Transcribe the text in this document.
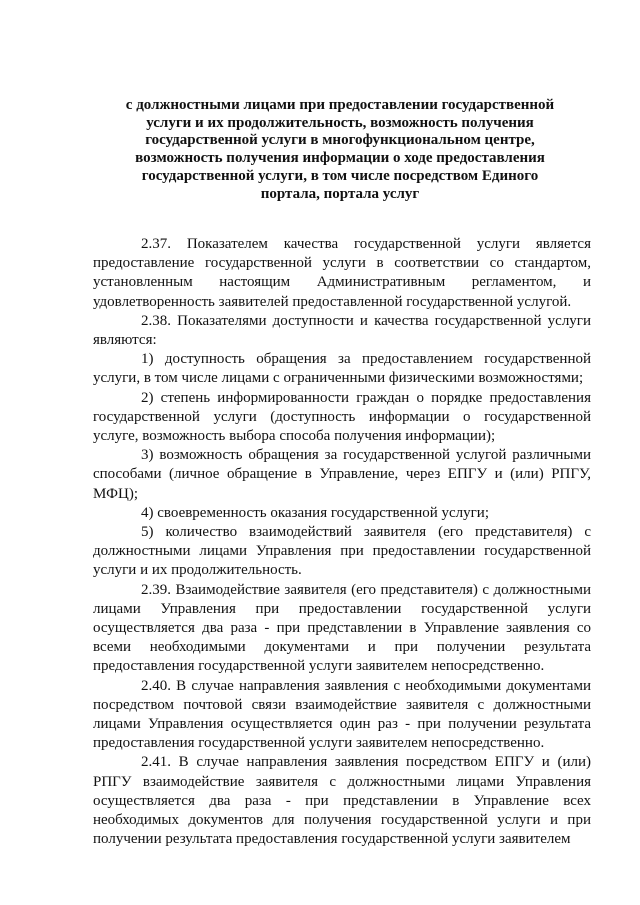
с должностными лицами при предоставлении государственной
услуги и их продолжительность, возможность получения
государственной услуги в многофункциональном центре,
возможность получения информации о ходе предоставления
государственной услуги, в том числе посредством Единого
портала, портала услуг

2.37. Показателем качества государственной услуги является предоставление государственной услуги в соответствии со стандартом, установленным настоящим Административным регламентом, и удовлетворенность заявителей предоставленной государственной услугой.

2.38. Показателями доступности и качества государственной услуги являются:

1) доступность обращения за предоставлением государственной услуги, в том числе лицами с ограниченными физическими возможностями;

2) степень информированности граждан о порядке предоставления государственной услуги (доступность информации о государственной услуге, возможность выбора способа получения информации);

3) возможность обращения за государственной услугой различными способами (личное обращение в Управление, через ЕПГУ и (или) РПГУ, МФЦ);

4) своевременность оказания государственной услуги;

5) количество взаимодействий заявителя (его представителя) с должностными лицами Управления при предоставлении государственной услуги и их продолжительность.

2.39. Взаимодействие заявителя (его представителя) с должностными лицами Управления при предоставлении государственной услуги осуществляется два раза - при представлении в Управление заявления со всеми необходимыми документами и при получении результата предоставления государственной услуги заявителем непосредственно.

2.40. В случае направления заявления с необходимыми документами посредством почтовой связи взаимодействие заявителя с должностными лицами Управления осуществляется один раз - при получении результата предоставления государственной услуги заявителем непосредственно.

2.41. В случае направления заявления посредством ЕПГУ и (или) РПГУ взаимодействие заявителя с должностными лицами Управления осуществляется два раза - при представлении в Управление всех необходимых документов для получения государственной услуги и при получении результата предоставления государственной услуги заявителем
